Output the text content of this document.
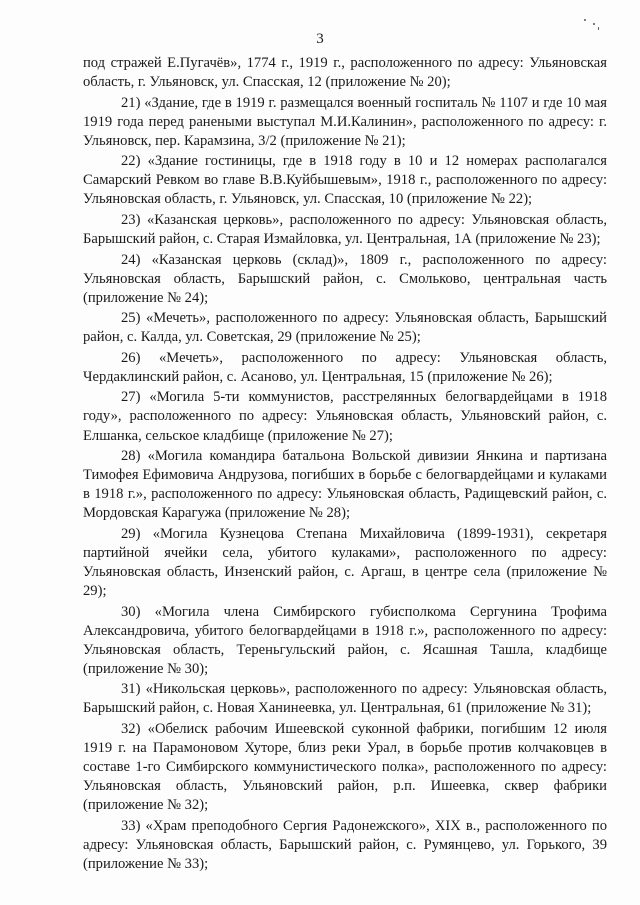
3

под стражей Е.Пугачёв», 1774 г., 1919 г., расположенного по адресу: Ульяновская область, г. Ульяновск, ул. Спасская, 12 (приложение № 20);

21) «Здание, где в 1919 г. размещался военный госпиталь № 1107 и где 10 мая 1919 года перед ранеными выступал М.И.Калинин», расположенного по адресу: г. Ульяновск, пер. Карамзина, 3/2 (приложение № 21);

22) «Здание гостиницы, где в 1918 году в 10 и 12 номерах располагался Самарский Ревком во главе В.В.Куйбышевым», 1918 г., расположенного по адресу: Ульяновская область, г. Ульяновск, ул. Спасская, 10 (приложение № 22);

23) «Казанская церковь», расположенного по адресу: Ульяновская область, Барышский район, с. Старая Измайловка, ул. Центральная, 1А (приложение № 23);

24) «Казанская церковь (склад)», 1809 г., расположенного по адресу: Ульяновская область, Барышский район, с. Смольково, центральная часть (приложение № 24);

25) «Мечеть», расположенного по адресу: Ульяновская область, Барышский район, с. Калда, ул. Советская, 29 (приложение № 25);

26) «Мечеть», расположенного по адресу: Ульяновская область, Чердаклинский район, с. Асаново, ул. Центральная, 15 (приложение № 26);

27) «Могила 5-ти коммунистов, расстрелянных белогвардейцами в 1918 году», расположенного по адресу: Ульяновская область, Ульяновский район, с. Елшанка, сельское кладбище (приложение № 27);

28) «Могила командира батальона Вольской дивизии Янкина и партизана Тимофея Ефимовича Андрузова, погибших в борьбе с белогвардейцами и кулаками в 1918 г.», расположенного по адресу: Ульяновская область, Радищевский район, с. Мордовская Карагужа (приложение № 28);

29) «Могила Кузнецова Степана Михайловича (1899-1931), секретаря партийной ячейки села, убитого кулаками», расположенного по адресу: Ульяновская область, Инзенский район, с. Аргаш, в центре села (приложение № 29);

30) «Могила члена Симбирского губисполкома Сергунина Трофима Александровича, убитого белогвардейцами в 1918 г.», расположенного по адресу: Ульяновская область, Тереньгульский район, с. Ясашная Ташла, кладбище (приложение № 30);

31) «Никольская церковь», расположенного по адресу: Ульяновская область, Барышский район, с. Новая Ханинеевка, ул. Центральная, 61 (приложение № 31);

32) «Обелиск рабочим Ишеевской суконной фабрики, погибшим 12 июля 1919 г. на Парамоновом Хуторе, близ реки Урал, в борьбе против колчаковцев в составе 1-го Симбирского коммунистического полка», расположенного по адресу: Ульяновская область, Ульяновский район, р.п. Ишеевка, сквер фабрики (приложение № 32);

33) «Храм преподобного Сергия Радонежского», XIX в., расположенного по адресу: Ульяновская область, Барышский район, с. Румянцево, ул. Горького, 39 (приложение № 33);
